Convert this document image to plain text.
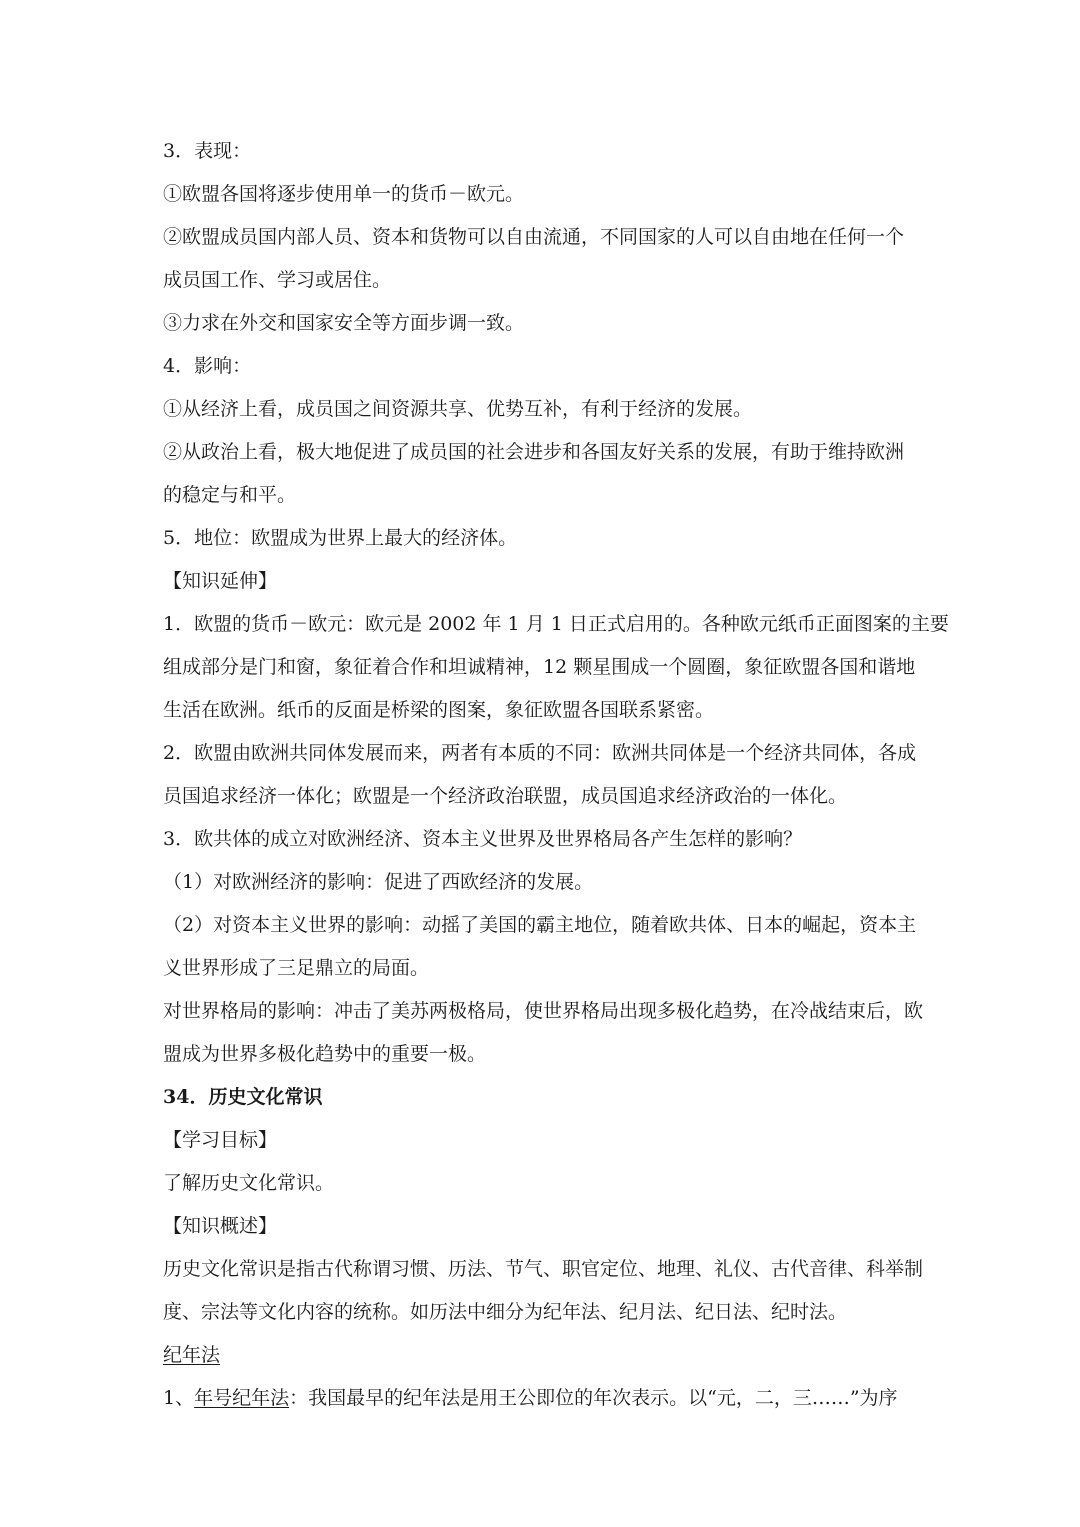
3．表现：
①欧盟各国将逐步使用单一的货币－欧元。
②欧盟成员国内部人员、资本和货物可以自由流通，不同国家的人可以自由地在任何一个
成员国工作、学习或居住。
③力求在外交和国家安全等方面步调一致。
4．影响：
①从经济上看，成员国之间资源共享、优势互补，有利于经济的发展。
②从政治上看，极大地促进了成员国的社会进步和各国友好关系的发展，有助于维持欧洲
的稳定与和平。
5．地位：欧盟成为世界上最大的经济体。
【知识延伸】
1．欧盟的货币－欧元：欧元是 2002 年 1 月 1 日正式启用的。各种欧元纸币正面图案的主要
组成部分是门和窗，象征着合作和坦诚精神，12 颗星围成一个圆圈，象征欧盟各国和谐地
生活在欧洲。纸币的反面是桥梁的图案，象征欧盟各国联系紧密。
2．欧盟由欧洲共同体发展而来，两者有本质的不同：欧洲共同体是一个经济共同体，各成
员国追求经济一体化；欧盟是一个经济政治联盟，成员国追求经济政治的一体化。
3．欧共体的成立对欧洲经济、资本主义世界及世界格局各产生怎样的影响？
（1）对欧洲经济的影响：促进了西欧经济的发展。
（2）对资本主义世界的影响：动摇了美国的霸主地位，随着欧共体、日本的崛起，资本主
义世界形成了三足鼎立的局面。
对世界格局的影响：冲击了美苏两极格局，使世界格局出现多极化趋势，在冷战结束后，欧
盟成为世界多极化趋势中的重要一极。
34．历史文化常识
【学习目标】
了解历史文化常识。
【知识概述】
历史文化常识是指古代称谓习惯、历法、节气、职官定位、地理、礼仪、古代音律、科举制
度、宗法等文化内容的统称。如历法中细分为纪年法、纪月法、纪日法、纪时法。
纪年法
1、年号纪年法：我国最早的纪年法是用王公即位的年次表示。以“元，二，三……”为序
